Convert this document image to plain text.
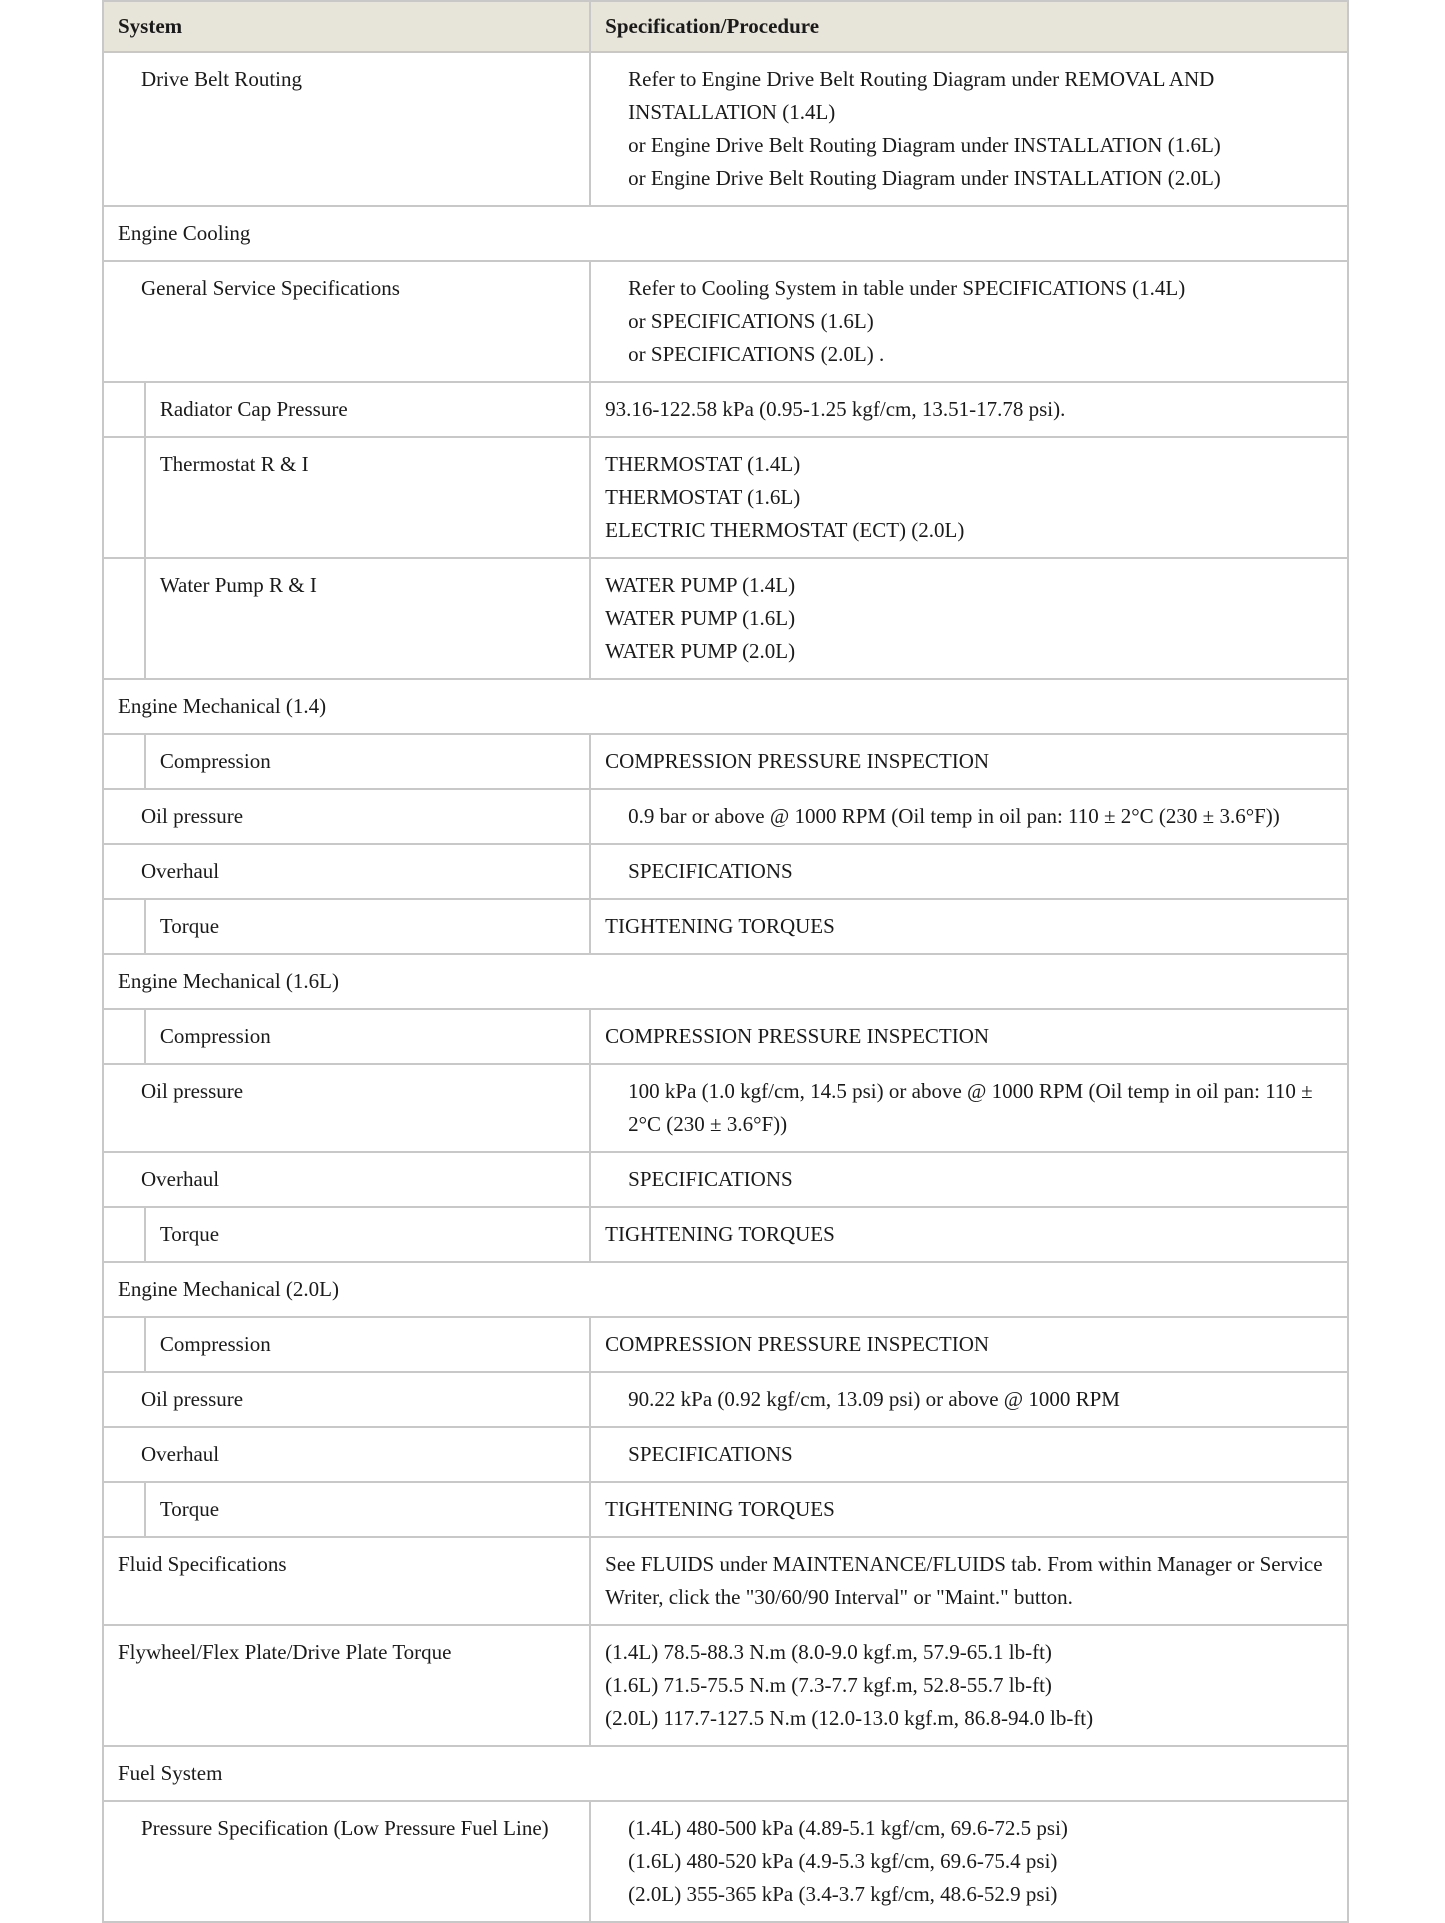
System		Specification/Procedure
Drive Belt Routing		Refer to Engine Drive Belt Routing Diagram under REMOVAL AND INSTALLATION (1.4L)
or Engine Drive Belt Routing Diagram under INSTALLATION (1.6L)
or Engine Drive Belt Routing Diagram under INSTALLATION (2.0L)

Engine Cooling		
General Service Specifications		Refer to Cooling System in table under SPECIFICATIONS (1.4L)
or SPECIFICATIONS (1.6L)
or SPECIFICATIONS (2.0L) .

	Radiator Cap Pressure	93.16-122.58 kPa (0.95-1.25 kgf/cm, 13.51-17.78 psi).

	Thermostat R & I	THERMOSTAT (1.4L)
THERMOSTAT (1.6L)
ELECTRIC THERMOSTAT (ECT) (2.0L)

	Water Pump R & I	WATER PUMP (1.4L)
WATER PUMP (1.6L)
WATER PUMP (2.0L)

Engine Mechanical (1.4)		
	Compression	COMPRESSION PRESSURE INSPECTION
Oil pressure		0.9 bar or above @ 1000 RPM (Oil temp in oil pan: 110 ± 2°C (230 ± 3.6°F))
Overhaul		SPECIFICATIONS
	Torque	TIGHTENING TORQUES
Engine Mechanical (1.6L)		
	Compression	COMPRESSION PRESSURE INSPECTION
Oil pressure		100 kPa (1.0 kgf/cm, 14.5 psi) or above @ 1000 RPM (Oil temp in oil pan: 110 ± 2°C (230 ± 3.6°F))
Overhaul		SPECIFICATIONS
	Torque	TIGHTENING TORQUES
Engine Mechanical (2.0L)		
	Compression	COMPRESSION PRESSURE INSPECTION
Oil pressure		90.22 kPa (0.92 kgf/cm, 13.09 psi) or above @ 1000 RPM
Overhaul		SPECIFICATIONS
	Torque	TIGHTENING TORQUES
Fluid Specifications		See FLUIDS under MAINTENANCE/FLUIDS tab. From within Manager or Service Writer, click the "30/60/90 Interval" or "Maint." button.
Flywheel/Flex Plate/Drive Plate Torque		(1.4L) 78.5-88.3 N.m (8.0-9.0 kgf.m, 57.9-65.1 lb-ft)
(1.6L) 71.5-75.5 N.m (7.3-7.7 kgf.m, 52.8-55.7 lb-ft)
(2.0L) 117.7-127.5 N.m (12.0-13.0 kgf.m, 86.8-94.0 lb-ft)

Fuel System		
Pressure Specification (Low Pressure Fuel Line)		(1.4L) 480-500 kPa (4.89-5.1 kgf/cm, 69.6-72.5 psi)
(1.6L) 480-520 kPa (4.9-5.3 kgf/cm, 69.6-75.4 psi)
(2.0L) 355-365 kPa (3.4-3.7 kgf/cm, 48.6-52.9 psi)
